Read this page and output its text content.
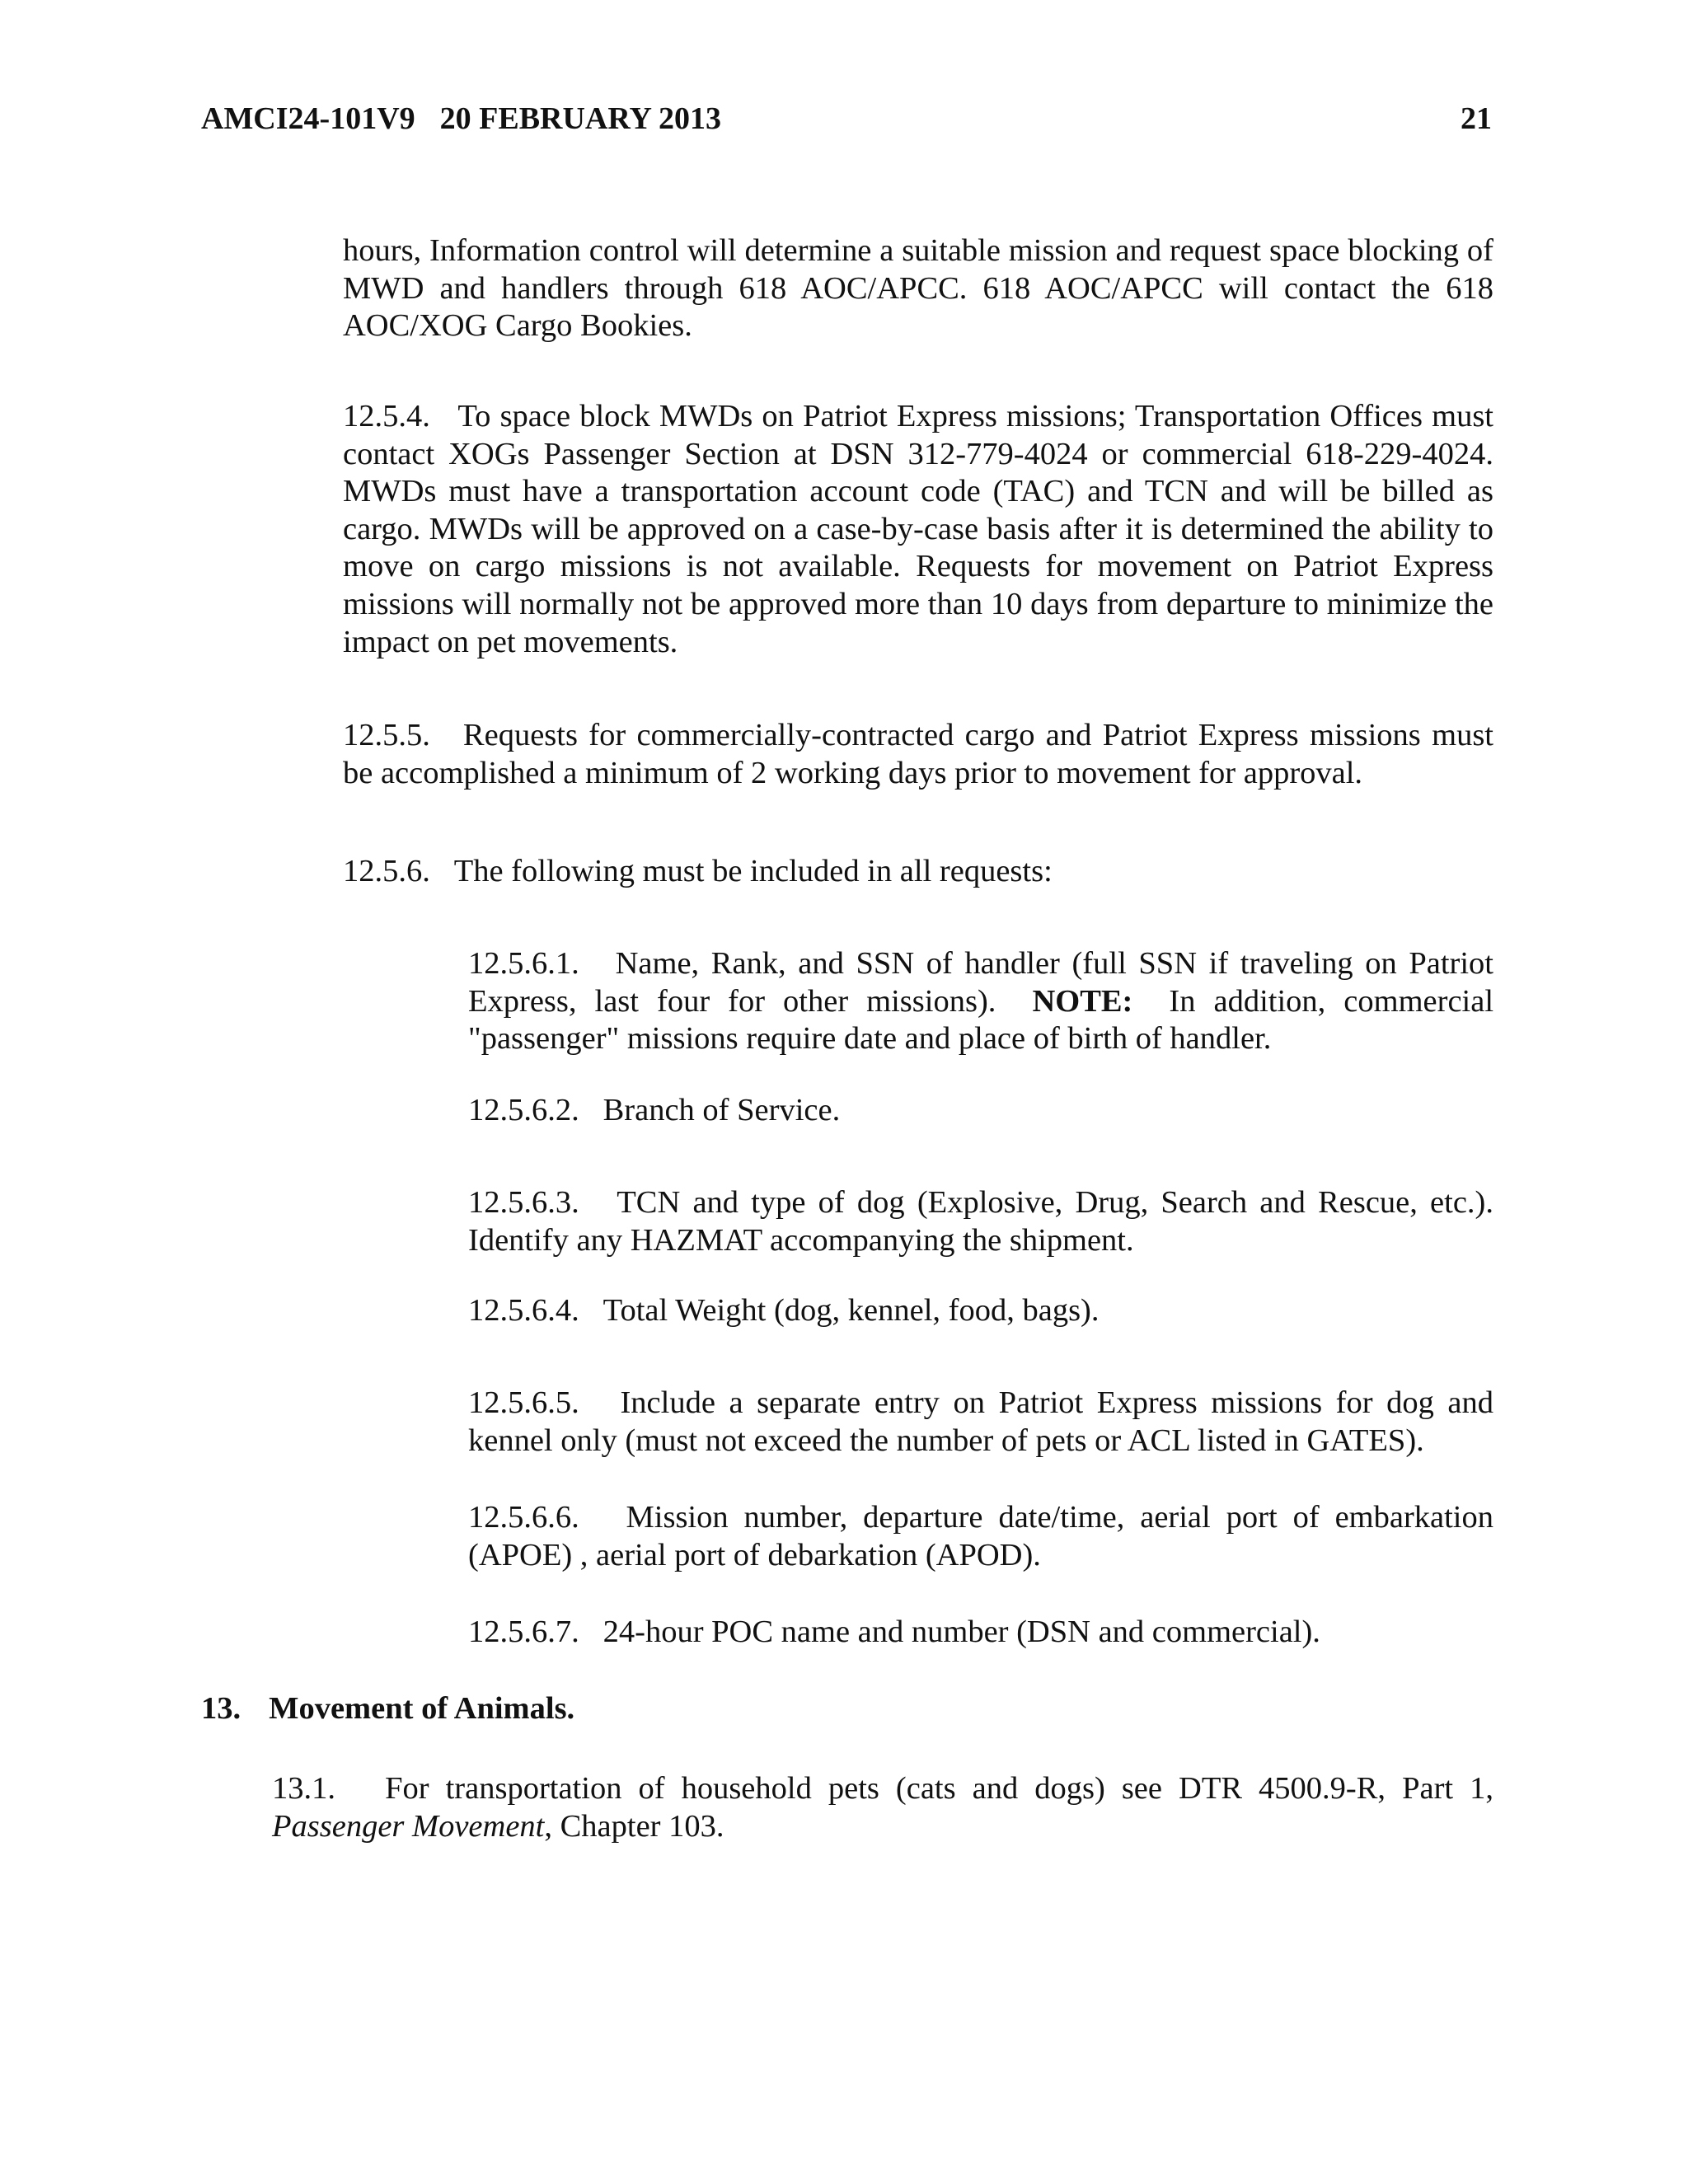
AMCI24-101V9 20 FEBRUARY 2013	21
hours, Information control will determine a suitable mission and request space blocking of MWD and handlers through 618 AOC/APCC. 618 AOC/APCC will contact the 618 AOC/XOG Cargo Bookies.
12.5.4. To space block MWDs on Patriot Express missions; Transportation Offices must contact XOGs Passenger Section at DSN 312-779-4024 or commercial 618-229-4024. MWDs must have a transportation account code (TAC) and TCN and will be billed as cargo. MWDs will be approved on a case-by-case basis after it is determined the ability to move on cargo missions is not available. Requests for movement on Patriot Express missions will normally not be approved more than 10 days from departure to minimize the impact on pet movements.
12.5.5. Requests for commercially-contracted cargo and Patriot Express missions must be accomplished a minimum of 2 working days prior to movement for approval.
12.5.6. The following must be included in all requests:
12.5.6.1. Name, Rank, and SSN of handler (full SSN if traveling on Patriot Express, last four for other missions). NOTE: In addition, commercial "passenger" missions require date and place of birth of handler.
12.5.6.2. Branch of Service.
12.5.6.3. TCN and type of dog (Explosive, Drug, Search and Rescue, etc.). Identify any HAZMAT accompanying the shipment.
12.5.6.4. Total Weight (dog, kennel, food, bags).
12.5.6.5. Include a separate entry on Patriot Express missions for dog and kennel only (must not exceed the number of pets or ACL listed in GATES).
12.5.6.6. Mission number, departure date/time, aerial port of embarkation (APOE) , aerial port of debarkation (APOD).
12.5.6.7. 24-hour POC name and number (DSN and commercial).
13. Movement of Animals.
13.1. For transportation of household pets (cats and dogs) see DTR 4500.9-R, Part 1, Passenger Movement, Chapter 103.
